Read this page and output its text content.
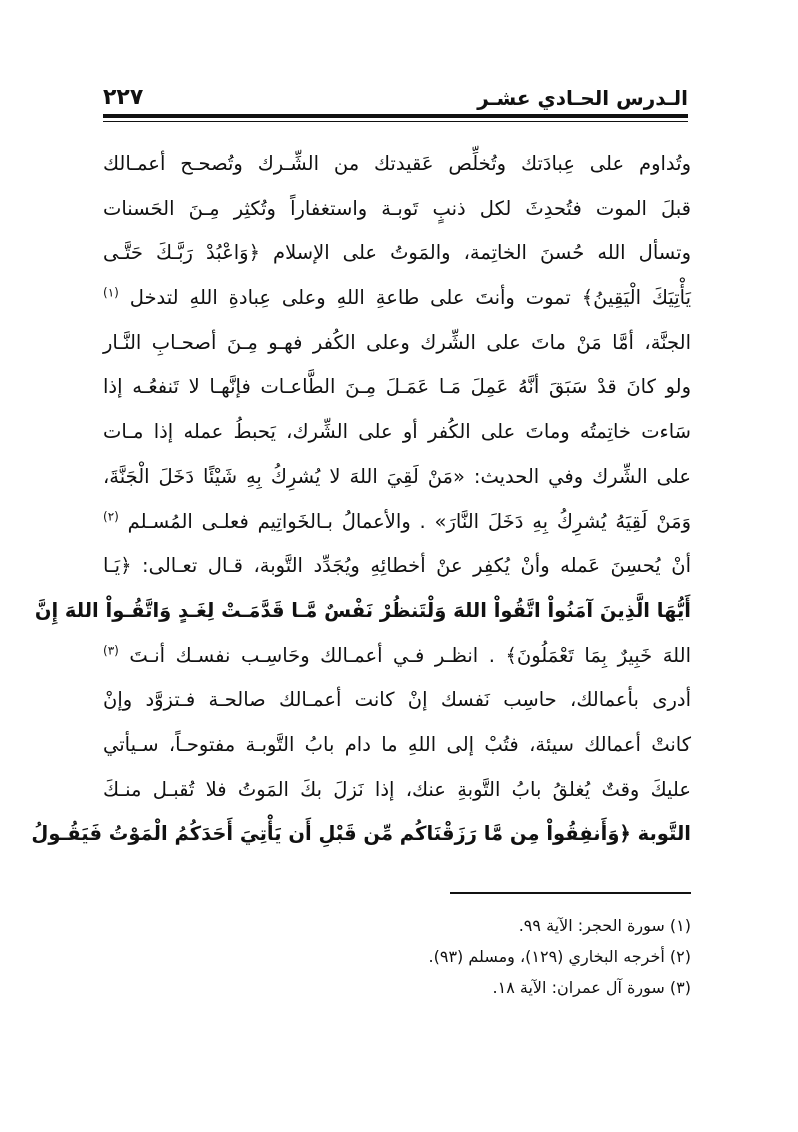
الـدرس الحـادي عشـر
٢٢٧
وتُداوم على عِبادَتك وتُخلِّص عَقيدتك من الشِّـرك وتُصحـح أعمـالك
قبلَ الموت فتُحدِثَ لكل ذنبٍ تَوبـة واستغفاراً وتُكثِر مِـنَ الحَسنات
وتسأل الله حُسنَ الخاتِمة، والمَوتُ على الإسلام ﴿وَاعْبُدْ رَبَّـكَ حَتَّـى
يَأْتِيَكَ الْيَقِينُ﴾ تموت وأنتَ على طاعةِ اللهِ وعلى عِبادةِ اللهِ لتدخل $^{(١)}$
الجنَّة، أمَّا مَنْ ماتَ على الشِّرك وعلى الكُفر فهـو مِـنَ أصحـابِ النَّـار
ولو كانَ قدْ سَبَقَ أنَّهُ عَمِلَ مَـا عَمَـلَ مِـنَ الطَّاعـات فإنَّهـا لا تَنفعُـه إذا
سَاءت خاتِمتُه وماتَ على الكُفر أو على الشِّرك، يَحبطُ عمله إذا مـات
على الشِّرك وفي الحديث: «مَنْ لَقِيَ اللهَ لا يُشرِكُ بِهِ شَيْئًا دَخَلَ الْجَنَّةَ،
وَمَنْ لَقِيَهُ يُشرِكُ بِهِ دَخَلَ النَّارَ» . والأعمالُ بـالخَواتِيم فعلـى المُسـلم $^{(٢)}$
أنْ يُحسِنَ عَمله وأنْ يُكفِر عنْ أخطائِهِ ويُجَدِّد التَّوبة، قـال تعـالى: ﴿يَـا
أَيُّهَا الَّذِينَ آمَنُواْ اتَّقُواْ اللهَ وَلْتَنظُرْ نَفْسٌ مَّـا قَدَّمَـتْ لِغَـدٍ وَاتَّقُـواْ اللهَ إِنَّ
اللهَ خَبِيرٌ بِمَا تَعْمَلُونَ﴾ . انظـر فـي أعمـالك وحَاسِـب نفسـك أنـتَ $^{(٣)}$
أدرى بأعمالك، حاسِب نَفسك إنْ كانت أعمـالك صالحـة فـتزوَّد وإنْ
كانتْ أعمالك سيئة، فتُبْ إلى اللهِ ما دام بابُ التَّوبـة مفتوحـاً، سـيأتي
عليكَ وقتٌ يُغلقُ بابُ التَّوبةِ عنك، إذا نَزلَ بكَ المَوتُ فلا تُقبـل منـكَ
التَّوبة ﴿وَأَنفِقُواْ مِن مَّا رَزَقْنَاكُم مِّن قَبْلِ أَن يَأْتِيَ أَحَدَكُمُ الْمَوْتُ فَيَقُـولُ
(١) سورة الحجر: الآية ٩٩.
(٢) أخرجه البخاري (١٢٩)، ومسلم (٩٣).
(٣) سورة آل عمران: الآية ١٨.
